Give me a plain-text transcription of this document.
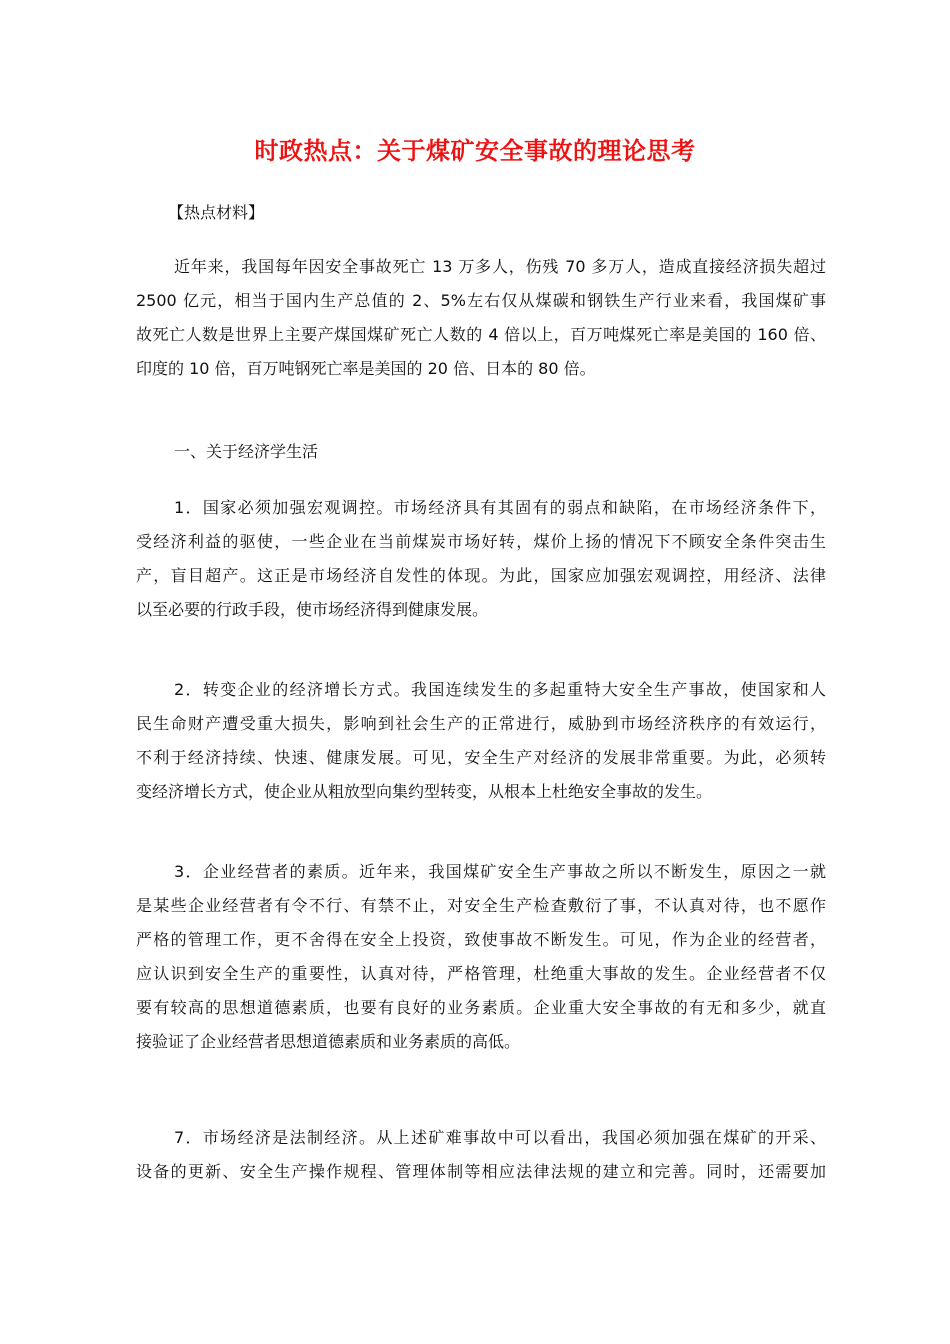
时政热点：关于煤矿安全事故的理论思考
【热点材料】
近年来，我国每年因安全事故死亡 13 万多人，伤残 70 多万人，造成直接经济损失超过
2500 亿元，相当于国内生产总值的 2、5%左右仅从煤碳和钢铁生产行业来看，我国煤矿事
故死亡人数是世界上主要产煤国煤矿死亡人数的 4 倍以上，百万吨煤死亡率是美国的 160 倍、
印度的 10 倍，百万吨钢死亡率是美国的 20 倍、日本的 80 倍。
一、关于经济学生活
1．国家必须加强宏观调控。市场经济具有其固有的弱点和缺陷，在市场经济条件下，
受经济利益的驱使，一些企业在当前煤炭市场好转，煤价上扬的情况下不顾安全条件突击生
产，盲目超产。这正是市场经济自发性的体现。为此，国家应加强宏观调控，用经济、法律
以至必要的行政手段，使市场经济得到健康发展。
2．转变企业的经济增长方式。我国连续发生的多起重特大安全生产事故，使国家和人
民生命财产遭受重大损失，影响到社会生产的正常进行，威胁到市场经济秩序的有效运行，
不利于经济持续、快速、健康发展。可见，安全生产对经济的发展非常重要。为此，必须转
变经济增长方式，使企业从粗放型向集约型转变，从根本上杜绝安全事故的发生。
3．企业经营者的素质。近年来，我国煤矿安全生产事故之所以不断发生，原因之一就
是某些企业经营者有令不行、有禁不止，对安全生产检查敷衍了事，不认真对待，也不愿作
严格的管理工作，更不舍得在安全上投资，致使事故不断发生。可见，作为企业的经营者，
应认识到安全生产的重要性，认真对待，严格管理，杜绝重大事故的发生。企业经营者不仅
要有较高的思想道德素质，也要有良好的业务素质。企业重大安全事故的有无和多少，就直
接验证了企业经营者思想道德素质和业务素质的高低。
7．市场经济是法制经济。从上述矿难事故中可以看出，我国必须加强在煤矿的开采、
设备的更新、安全生产操作规程、管理体制等相应法律法规的建立和完善。同时，还需要加
